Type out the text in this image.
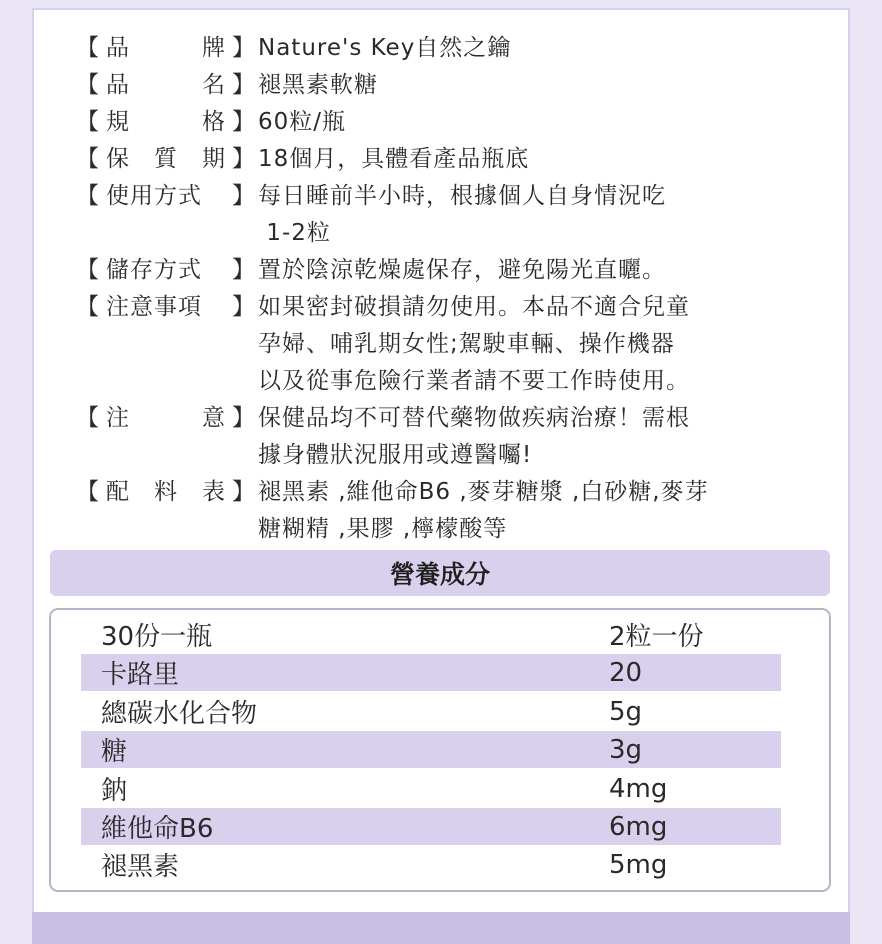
【 品	牌 】 Nature's Key自然之鑰
【 品	名 】 褪黑素軟糖
【 規	格 】 60粒/瓶
【 保 質 期 】 18個月，具體看產品瓶底
【 使 用 方 式 】 每日睡前半小時，根據個人自身情況吃
1-2粒
【 儲 存 方 式 】 置於陰涼乾燥處保存，避免陽光直曬。
【 注 意 事 項 】 如果密封破損請勿使用。本品不適合兒童
孕婦、哺乳期女性;駕駛車輛、操作機器
以及從事危險行業者請不要工作時使用。
【 注	意 】 保健品均不可替代藥物做疾病治療！需根
據身體狀況服用或遵醫囑!
【 配 料 表 】 褪黑素 ,維他命B6 ,麥芽糖漿 ,白砂糖,麥芽
糖糊精 ,果膠 ,檸檬酸等
營養成分
30份一瓶	2粒一份
卡路里	20
總碳水化合物	5g
糖	3g
鈉	4mg
維他命B6	6mg
褪黑素	5mg
